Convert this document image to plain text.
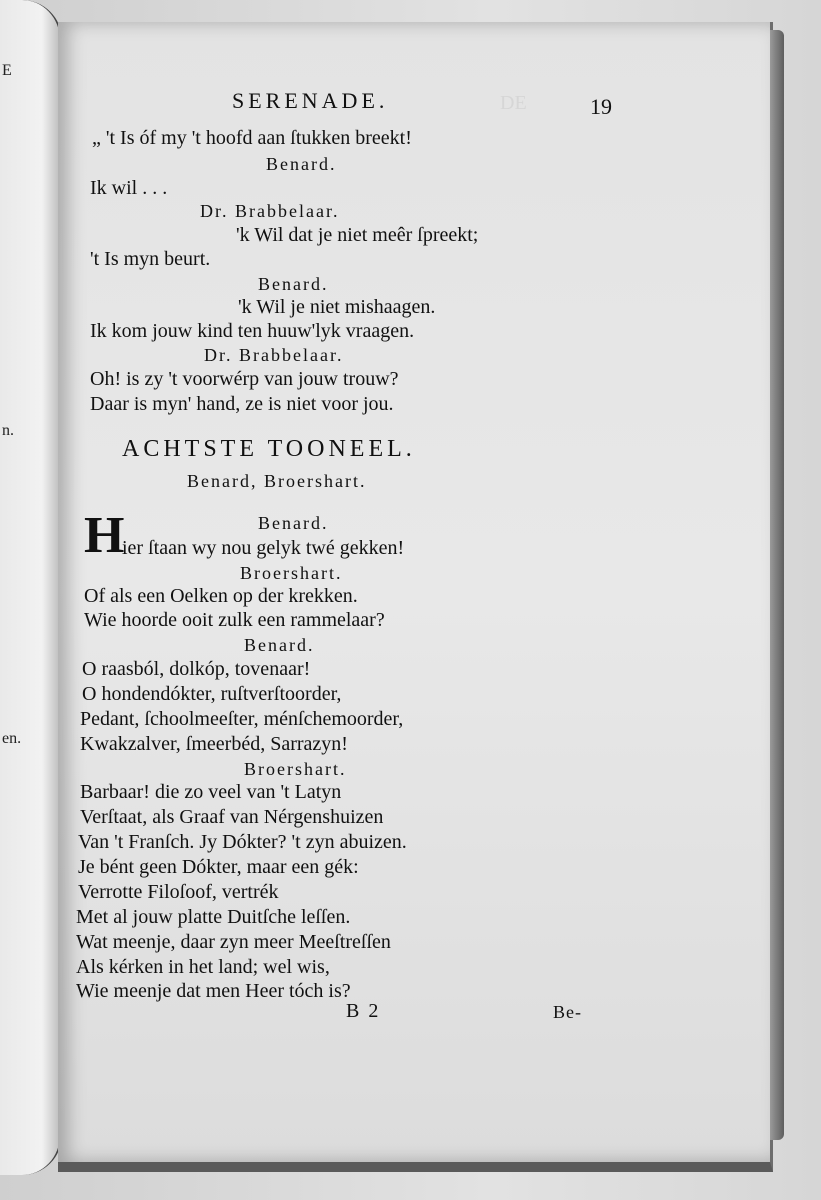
E
n.
en.
DE
SERENADE.	19
„ 't Is óf my 't hoofd aan ſtukken breekt!
Benard.
Ik wil . . .
Dr. Brabbelaar.
'k Wil dat je niet meêr ſpreekt;
't Is myn beurt.
Benard.
'k Wil je niet mishaagen.
Ik kom jouw kind ten huuw'lyk vraagen.
Dr. Brabbelaar.
Oh! is zy 't voorwérp van jouw trouw?
Daar is myn' hand, ze is niet voor jou.
ACHTSTE TOONEEL.
Benard, Broershart.
Benard.
H
ier ſtaan wy nou gelyk twé gekken!
Broershart.
Of als een Oelken op der krekken.
Wie hoorde ooit zulk een rammelaar?
Benard.
O raasból, dolkóp, tovenaar!
O hondendókter, ruſtverſtoorder,
Pedant, ſchoolmeeſter, ménſchemoorder,
Kwakzalver, ſmeerbéd, Sarrazyn!
Broershart.
Barbaar! die zo veel van 't Latyn
Verſtaat, als Graaf van Nérgenshuizen
Van 't Franſch. Jy Dókter? 't zyn abuizen.
Je bént geen Dókter, maar een gék:
Verrotte Filoſoof, vertrék
Met al jouw platte Duitſche leſſen.
Wat meenje, daar zyn meer Meeſtreſſen
Als kérken in het land; wel wis,
Wie meenje dat men Heer tóch is?
B 2	Be-
